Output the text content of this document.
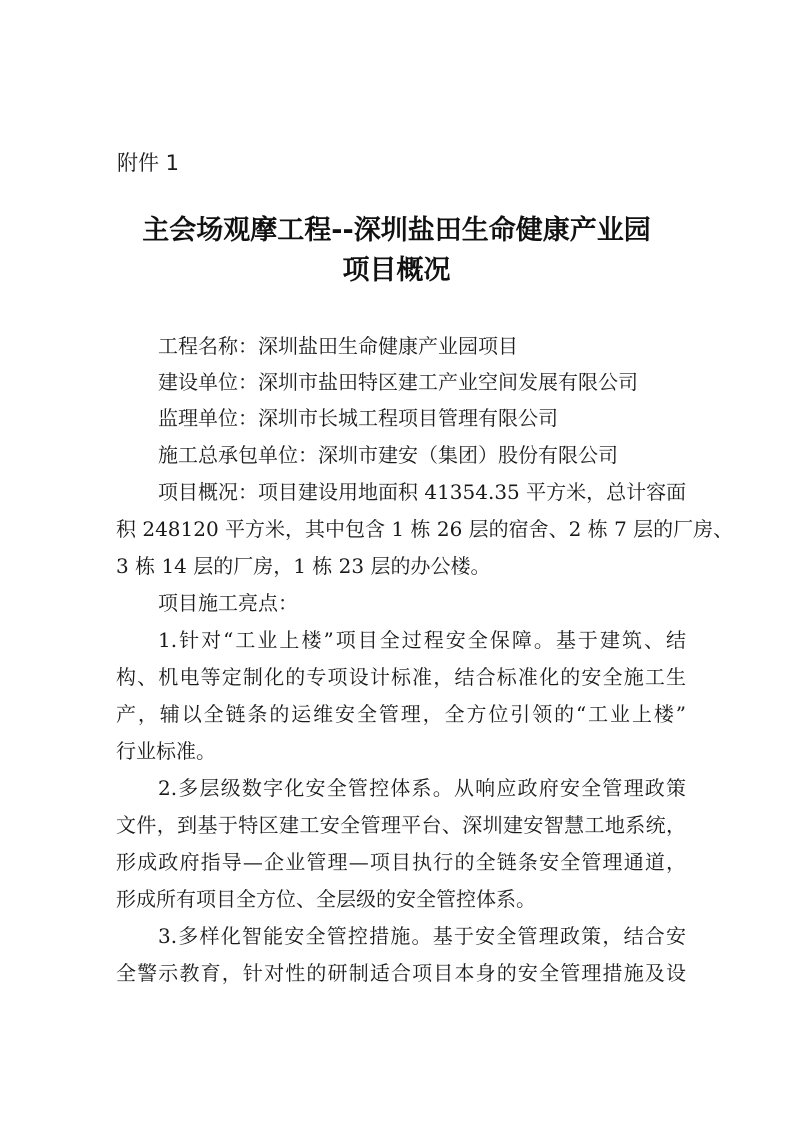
附件 1
主会场观摩工程--深圳盐田生命健康产业园
项目概况
工程名称：深圳盐田生命健康产业园项目
建设单位：深圳市盐田特区建工产业空间发展有限公司
监理单位：深圳市长城工程项目管理有限公司
施工总承包单位：深圳市建安（集团）股份有限公司
项目概况：项目建设用地面积 41354.35 平方米，总计容面
积 248120 平方米，其中包含 1 栋 26 层的宿舍、2 栋 7 层的厂房、
3 栋 14 层的厂房，1 栋 23 层的办公楼。
项目施工亮点：
1.针对“工业上楼”项目全过程安全保障。基于建筑、结
构、机电等定制化的专项设计标准，结合标准化的安全施工生
产，辅以全链条的运维安全管理，全方位引领的“工业上楼”
行业标准。
2.多层级数字化安全管控体系。从响应政府安全管理政策
文件，到基于特区建工安全管理平台、深圳建安智慧工地系统，
形成政府指导—企业管理—项目执行的全链条安全管理通道，
形成所有项目全方位、全层级的安全管控体系。
3.多样化智能安全管控措施。基于安全管理政策，结合安
全警示教育，针对性的研制适合项目本身的安全管理措施及设
